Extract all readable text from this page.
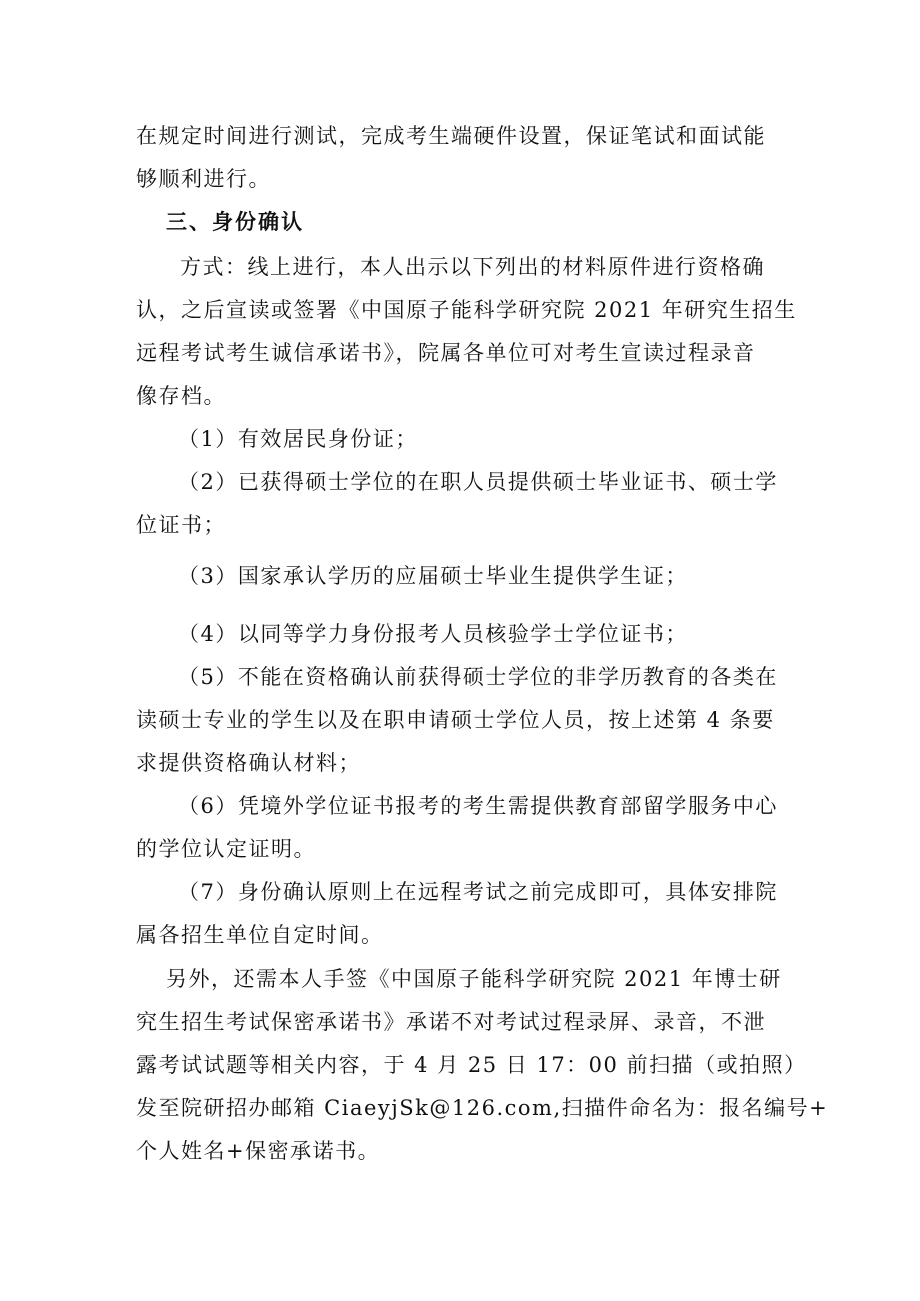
在规定时间进行测试，完成考生端硬件设置，保证笔试和面试能
够顺利进行。
三、身份确认
方式：线上进行，本人出示以下列出的材料原件进行资格确
认，之后宣读或签署《中国原子能科学研究院 2021 年研究生招生
远程考试考生诚信承诺书》，院属各单位可对考生宣读过程录音
像存档。
（1）有效居民身份证；
（2）已获得硕士学位的在职人员提供硕士毕业证书、硕士学
位证书；
（3）国家承认学历的应届硕士毕业生提供学生证；
（4）以同等学力身份报考人员核验学士学位证书；
（5）不能在资格确认前获得硕士学位的非学历教育的各类在
读硕士专业的学生以及在职申请硕士学位人员，按上述第 4 条要
求提供资格确认材料；
（6）凭境外学位证书报考的考生需提供教育部留学服务中心
的学位认定证明。
（7）身份确认原则上在远程考试之前完成即可，具体安排院
属各招生单位自定时间。
另外，还需本人手签《中国原子能科学研究院 2021 年博士研
究生招生考试保密承诺书》承诺不对考试过程录屏、录音，不泄
露考试试题等相关内容，于 4 月 25 日 17：00 前扫描（或拍照）
发至院研招办邮箱 CiaeyjSk@126.com,扫描件命名为：报名编号+
个人姓名+保密承诺书。
